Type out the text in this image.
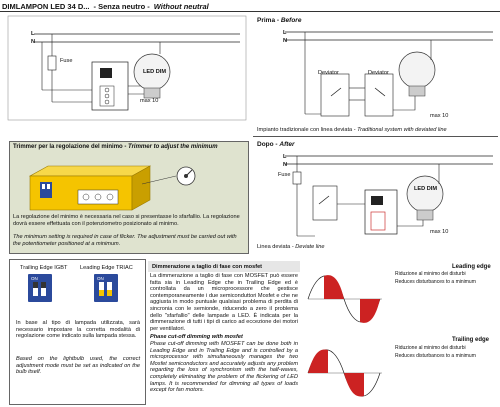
DIMLAMPON LED 34 D... - Senza neutro - Without neutral
L
N
Fuse
LED DIM
max 10
Prima - Before
L
N
Deviator	Deviator
max 10
Impianto tradizionale con linea deviata - Traditional system with deviated line
Dopo - After
L
N
Fuse
LED DIM
max 10
Linea deviata - Deviate line
Trimmer per la regolazione del minimo - Trimmer to adjust the minimum
La regolazione del minimo è necessaria nel caso si presentasse lo sfarfallio. La regolazione dovrà essere effettuata con il potenziometro posizionato al minimo.
The minimum setting is required in case of flicker. The adjustment must be carried out with the potentiometer positioned at a minimum.
Trailing Edge IGBT Leading Edge TRIAC
ON	ON
In base al tipo di lampada utilizzata, sarà necessario impostare la corretta modalità di regolazione come indicato sulla lampada stessa.
Based on the lightbulb used, the correct adjustment mode must be set as indicated on the bulb itself.
Dimmerazione a taglio di fase con mosfet
La dimmerazione a taglio di fase con MOSFET può essere fatta sia in Leading Edge che in Trailing Edge ed è controllata da un microprocessore che gestisce contemporaneamente i due semiconduttori Mosfet e che ne aggiusta in modo puntuale qualsiasi problema di perdita di sincronia con le semionde, riducendo a zero il problema dello "sfarfallio" delle lampade a LED. È indicata per la dimmerazione di tutti i tipi di carico ad eccezione dei motori per ventilatori.
Phase cut-off dimming with mosfet
Phase cut-off dimming with MOSFET can be done both in Leading Edge and in Trailing Edge and is controlled by a microprocessor with simultaneously manages the two Mosfet semiconductors and accurately adjusts any problem regarding the loss of synchronism with the half-waves, completely eliminating the problem of the flickering of LED lamps. It is recommended for dimming all types of loads except for fan motors.
Leading edge
Riduzione al minimo dei disturbi
Reduces disturbances to a minimum
Trailing edge
Riduzione al minimo dei disturbi
Reduces disturbances to a minimum
